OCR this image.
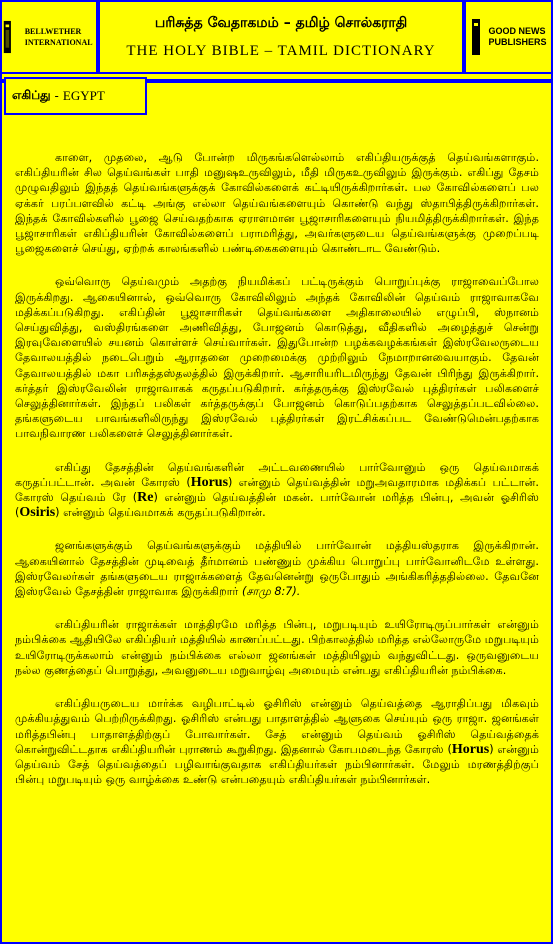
BELLWETHER
INTERNATIONAL
பரிசுத்த வேதாகமம் – தமிழ் சொல்கராதி
THE HOLY BIBLE – TAMIL DICTIONARY
GOOD NEWS
PUBLISHERS
எகிப்து - EGYPT

காளை, முதலை, ஆடு போன்ற மிருகங்களெல்லாம் எகிப்தியருக்குத் தெய்வங்களாகும். எகிப்தியரின் சில தெய்வங்கள் பாதி மனுஷஉருவிலும், மீதி மிருகஉருவிலும் இருக்கும். எகிப்து தேசம் முழுவதிலும் இந்தத் தெய்வங்களுக்குக் கோவில்களைக் கட்டியிருக்கிறார்கள். பல கோவில்களைப் பல ஏக்கர் பரப்பளவில் கட்டி அங்கு எல்லா தெய்வங்களையும் கொண்டு வந்து ஸ்தாபித்திருக்கிறார்கள். இந்தக் கோவில்களில் பூஜை செய்வதற்காக ஏராளமான பூஜாசாரிகளையும் நியமித்திருக்கிறார்கள். இந்த பூஜாசாரிகள் எகிப்தியரின் கோவில்களைப் பராமரித்து, அவர்களுடைய தெய்வங்களுக்கு முறைப்படி பூஜைகளைச் செய்து, ஏற்றக் காலங்களில் பண்டிகைகளையும் கொண்டாட வேண்டும்.

ஒவ்வொரு தெய்வமும் அதற்கு நியமிக்கப் பட்டிருக்கும் பொறுப்புக்கு ராஜாவைப்போல இருக்கிறது. ஆகையினால், ஒவ்வொரு கோவிலிலும் அந்தக் கோவிலின் தெய்வம் ராஜாவாகவே மதிக்கப்படுகிறது. எகிப்தின் பூஜாசாரிகள் தெய்வங்களை அதிகாலையில் எழுப்பி, ஸ்நானம் செய்துவித்து, வஸ்திரங்களை அணிவித்து, போஜனம் கொடுத்து, வீதிகளில் அழைத்துச் சென்று இரவுவேளையில் சயனம் கொள்ளச் செய்வார்கள். இதுபோன்ற பழக்கவழக்கங்கள் இஸ்ரவேலருடைய தேவாலயத்தில் நடைபெறும் ஆராதனை முறைமைக்கு முற்றிலும் நேமாறானவையாகும். தேவன் தேவாலயத்தில் மகா பரிசுத்தஸ்தலத்தில் இருக்கிறார். ஆசாரியரிடமிருந்து தேவன் பிரிந்து இருக்கிறார். கர்த்தர் இஸ்ரவேலின் ராஜாவாகக் கருதப்படுகிறார். கர்த்தருக்கு இஸ்ரவேல் புத்திரர்கள் பலிகளைச் செலுத்தினார்கள். இந்தப் பலிகள் கர்த்தருக்குப் போஜனம் கொடுப்பதற்காக செலுத்தப்படவில்லை. தங்களுடைய பாவங்களிலிருந்து இஸ்ரவேல் புத்திரர்கள் இரட்சிக்கப்பட வேண்டுமென்பதற்காக பாவநிவாரண பலிகளைச் செலுத்தினார்கள்.

எகிப்து தேசத்தின் தெய்வங்களின் அட்டவணையில் பார்வோனும் ஒரு தெய்வமாகக் கருதப்பட்டான். அவன் கோரஸ் (Horus) என்னும் தெய்வத்தின் மறுஅவதாரமாக மதிக்கப் பட்டான். கோரஸ் தெய்வம் ரே (Re) என்னும் தெய்வத்தின் மகன். பார்வோன் மரித்த பின்பு, அவன் ஓசிரிஸ் (Osiris) என்னும் தெய்வமாகக் கருதப்படுகிறான்.

ஜனங்களுக்கும் தெய்வங்களுக்கும் மத்தியில் பார்வோன் மத்தியஸ்தராக இருக்கிறான். ஆகையினால் தேசத்தின் முடிவைத் தீர்மானம் பண்ணும் முக்கிய பொறுப்பு பார்வோனிடமே உள்ளது. இஸ்ரவேலர்கள் தங்களுடைய ராஜாக்களைத் தேவனென்று ஒருபோதும் அங்கிகரித்ததில்லை. தேவனே இஸ்ரவேல் தேசத்தின் ராஜாவாக இருக்கிறார் (சாமு 8:7).

எகிப்தியரின் ராஜாக்கள் மாத்திரமே மரித்த பின்பு, மறுபடியும் உயிரோடிருப்பார்கள் என்னும் நம்பிக்கை ஆதியிலே எகிப்தியர் மத்தியில் காணப்பட்டது. பிற்காலத்தில் மரித்த எல்லோருமே மறுபடியும் உயிரோடிருக்கலாம் என்னும் நம்பிக்கை எல்லா ஜனங்கள் மத்தியிலும் வந்துவிட்டது. ஒருவனுடைய நல்ல குணத்தைப் பொறுத்து, அவனுடைய மறுவாழ்வு அமையும் என்பது எகிப்தியரின் நம்பிக்கை.

எகிப்தியருடைய மார்க்க வழிபாட்டில் ஓசிரிஸ் என்னும் தெய்வத்தை ஆராதிப்பது மிகவும் முக்கியத்துவம் பெற்றிருக்கிறது. ஓசிரிஸ் என்பது பாதாளத்தில் ஆளுகை செய்யும் ஒரு ராஜா. ஜனங்கள் மரித்தபின்பு பாதாளத்திற்குப் போவார்கள். சேத் என்னும் தெய்வம் ஓசிரிஸ் தெய்வத்தைக் கொன்றுவிட்டதாக எகிப்தியரின் புராணம் கூறுகிறது. இதனால் கோபமடைந்த கோரஸ் (Horus) என்னும் தெய்வம் சேத் தெய்வத்தைப் பழிவாங்குவதாக எகிப்தியர்கள் நம்பினார்கள். மேலும் மரணத்திற்குப் பின்பு மறுபடியும் ஒரு வாழ்க்கை உண்டு என்பதையும் எகிப்தியர்கள் நம்பினார்கள்.
